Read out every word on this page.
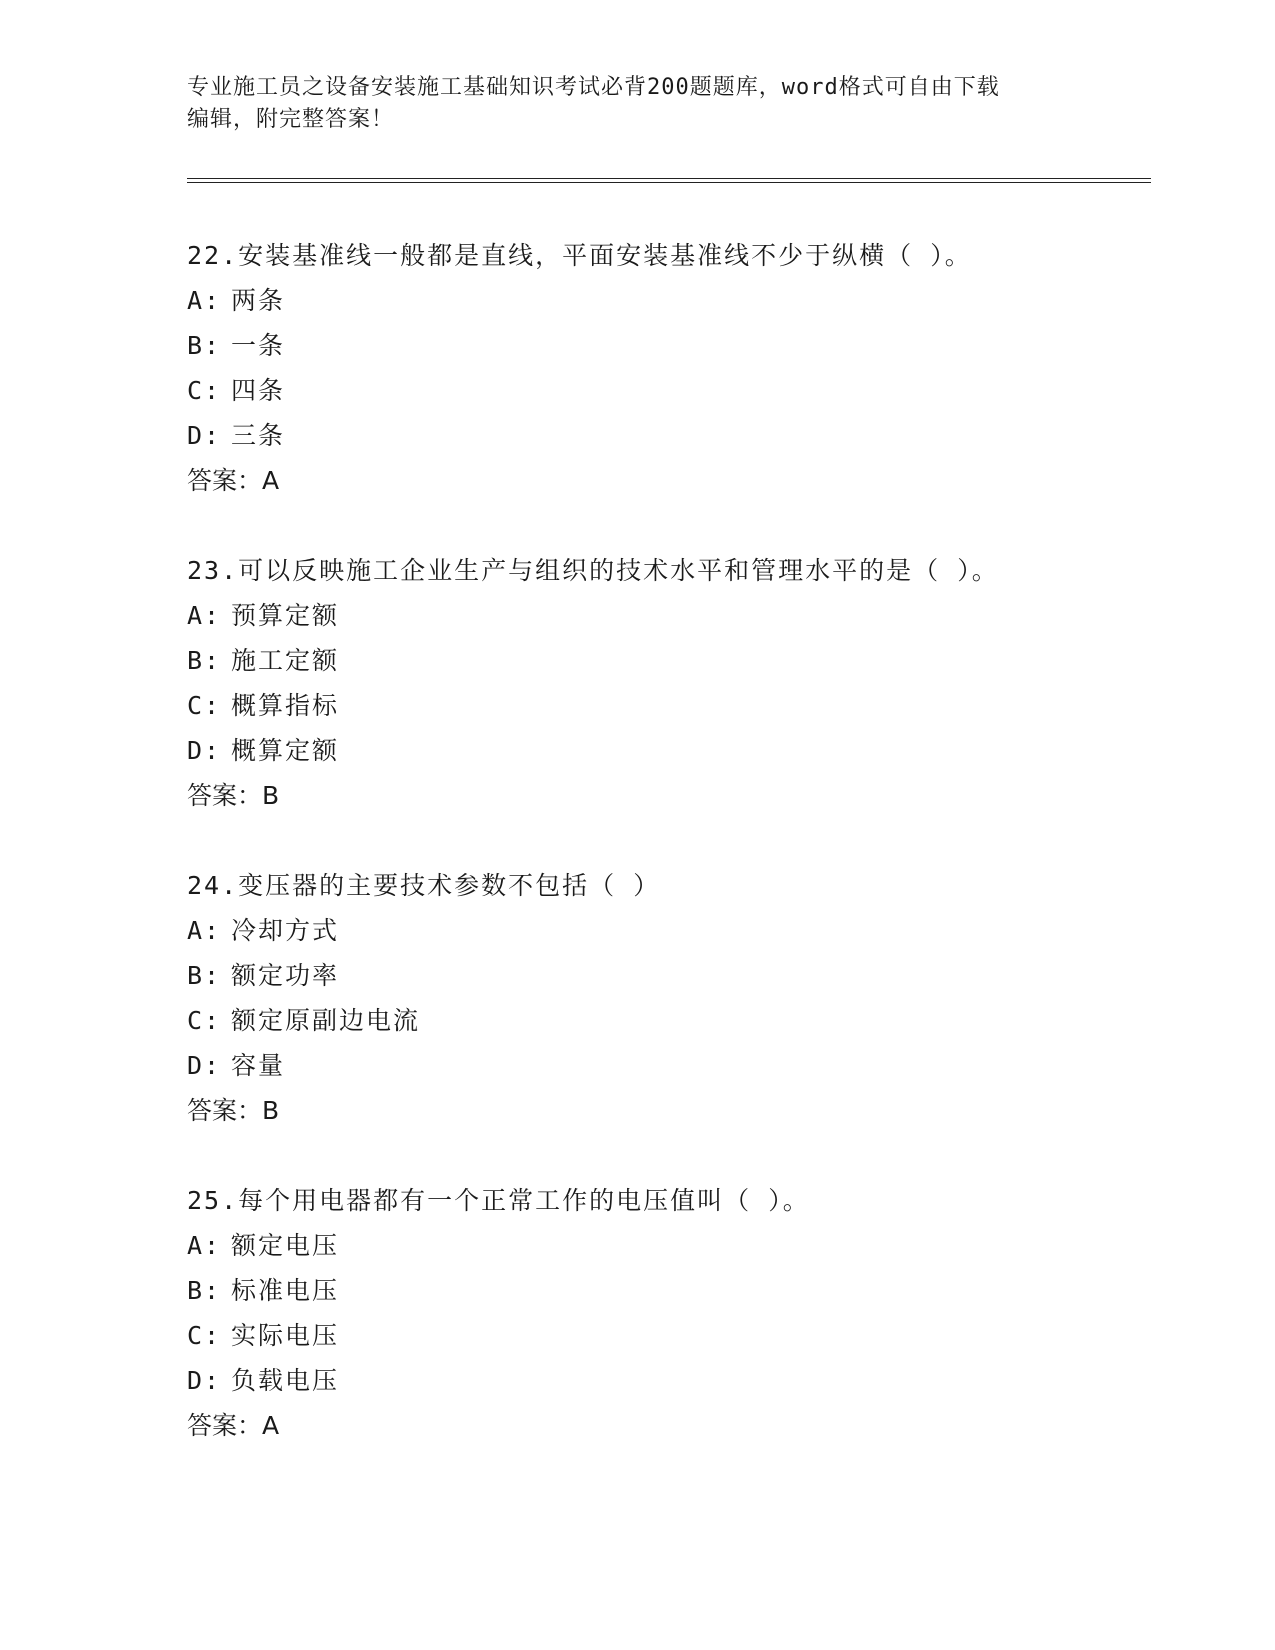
专业施工员之设备安装施工基础知识考试必背200题题库，word格式可自由下载
编辑，附完整答案！
22.安装基准线一般都是直线，平面安装基准线不少于纵横（ ）。
A: 两条
B: 一条
C: 四条
D: 三条
答案：A
23.可以反映施工企业生产与组织的技术水平和管理水平的是（ ）。
A: 预算定额
B: 施工定额
C: 概算指标
D: 概算定额
答案：B
24.变压器的主要技术参数不包括（ ）
A: 冷却方式
B: 额定功率
C: 额定原副边电流
D: 容量
答案：B
25.每个用电器都有一个正常工作的电压值叫（ ）。
A: 额定电压
B: 标准电压
C: 实际电压
D: 负载电压
答案：A
